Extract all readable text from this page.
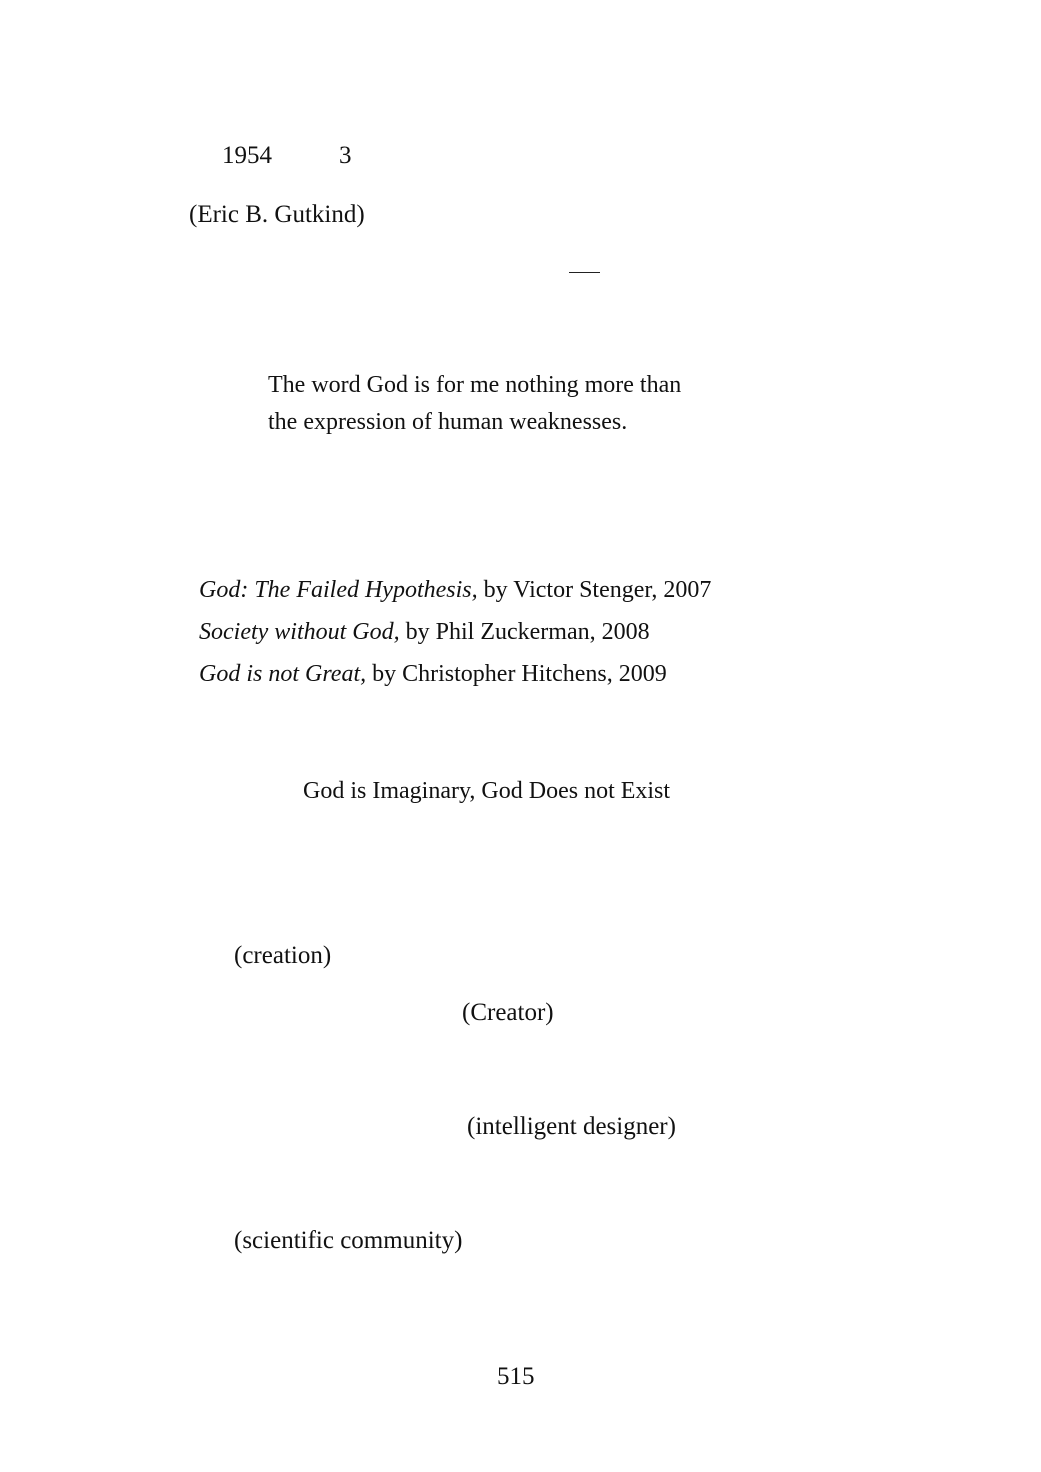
1954	3
(Eric B. Gutkind)
The word God is for me nothing more than
the expression of human weaknesses.
God: The Failed Hypothesis, by Victor Stenger, 2007
Society without God, by Phil Zuckerman, 2008
God is not Great, by Christopher Hitchens, 2009
God is Imaginary, God Does not Exist
(creation)
(Creator)
(intelligent designer)
(scientific community)
515
